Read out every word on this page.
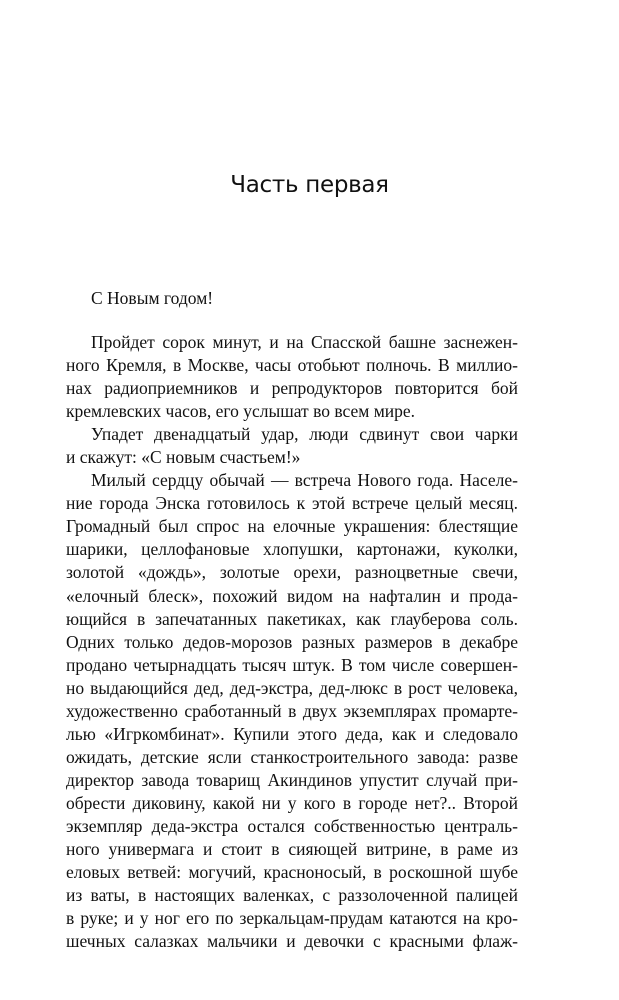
Часть первая

С Новым годом!

Пройдет сорок минут, и на Спасской башне заснежен-
ного Кремля, в Москве, часы отобьют полночь. В миллио-
нах радиоприемников и репродукторов повторится бой
кремлевских часов, его услышат во всем мире.
Упадет двенадцатый удар, люди сдвинут свои чарки
и скажут: «С новым счастьем!»
Милый сердцу обычай — встреча Нового года. Населе-
ние города Энска готовилось к этой встрече целый месяц.
Громадный был спрос на елочные украшения: блестящие
шарики, целлофановые хлопушки, картонажи, куколки,
золотой «дождь», золотые орехи, разноцветные свечи,
«елочный блеск», похожий видом на нафталин и прода-
ющийся в запечатанных пакетиках, как глауберова соль.
Одних только дедов-морозов разных размеров в декабре
продано четырнадцать тысяч штук. В том числе совершен-
но выдающийся дед, дед-экстра, дед-люкс в рост человека,
художественно сработанный в двух экземплярах промарте-
лью «Игркомбинат». Купили этого деда, как и следовало
ожидать, детские ясли станкостроительного завода: разве
директор завода товарищ Акиндинов упустит случай при-
обрести диковину, какой ни у кого в городе нет?.. Второй
экземпляр деда-экстра остался собственностью централь-
ного универмага и стоит в сияющей витрине, в раме из
еловых ветвей: могучий, красноносый, в роскошной шубе
из ваты, в настоящих валенках, с раззолоченной палицей
в руке; и у ног его по зеркальцам-прудам катаются на кро-
шечных салазках мальчики и девочки с красными флаж-
